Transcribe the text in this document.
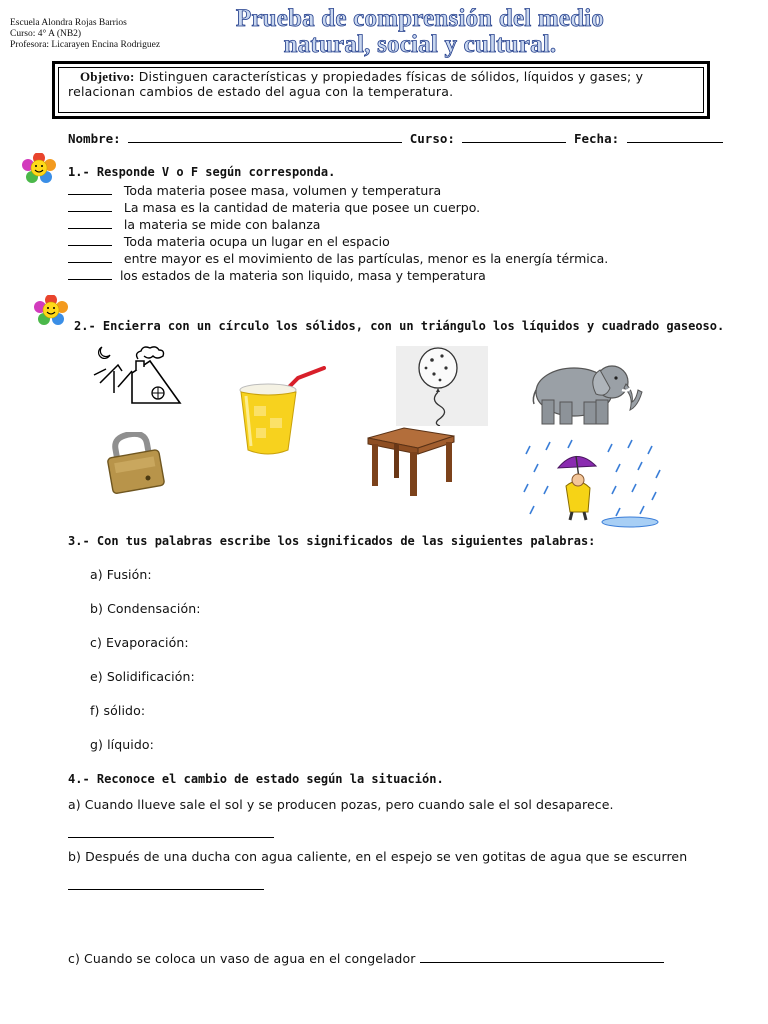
Escuela Alondra Rojas Barrios
Curso: 4° A (NB2)
Profesora: Licarayen Encina Rodriguez
Prueba de comprensión del medio
natural, social y cultural.
Objetivo: Distinguen características y propiedades físicas de sólidos, líquidos y gases; y relacionan cambios de estado del agua con la temperatura.
Nombre:	Curso:	Fecha:
1.- Responde V o F según corresponda.
Toda materia posee masa, volumen y temperatura
La masa es la cantidad de materia que posee un cuerpo.
la materia se mide con balanza
Toda materia ocupa un lugar en el espacio
entre mayor es el movimiento de las partículas, menor es la energía térmica.
los estados de la materia son liquido, masa y temperatura
2.- Encierra con un círculo los sólidos, con un triángulo los líquidos y cuadrado gaseoso.
3.- Con tus palabras escribe los significados de las siguientes palabras:
a) Fusión:
b) Condensación:
c) Evaporación:
e) Solidificación:
f) sólido:
g) líquido:
4.- Reconoce el cambio de estado según la situación.
a) Cuando llueve sale el sol y se producen pozas, pero cuando sale el sol desaparece.
b) Después de una ducha con agua caliente, en el espejo se ven gotitas de agua que se escurren
c) Cuando se coloca un vaso de agua en el congelador
